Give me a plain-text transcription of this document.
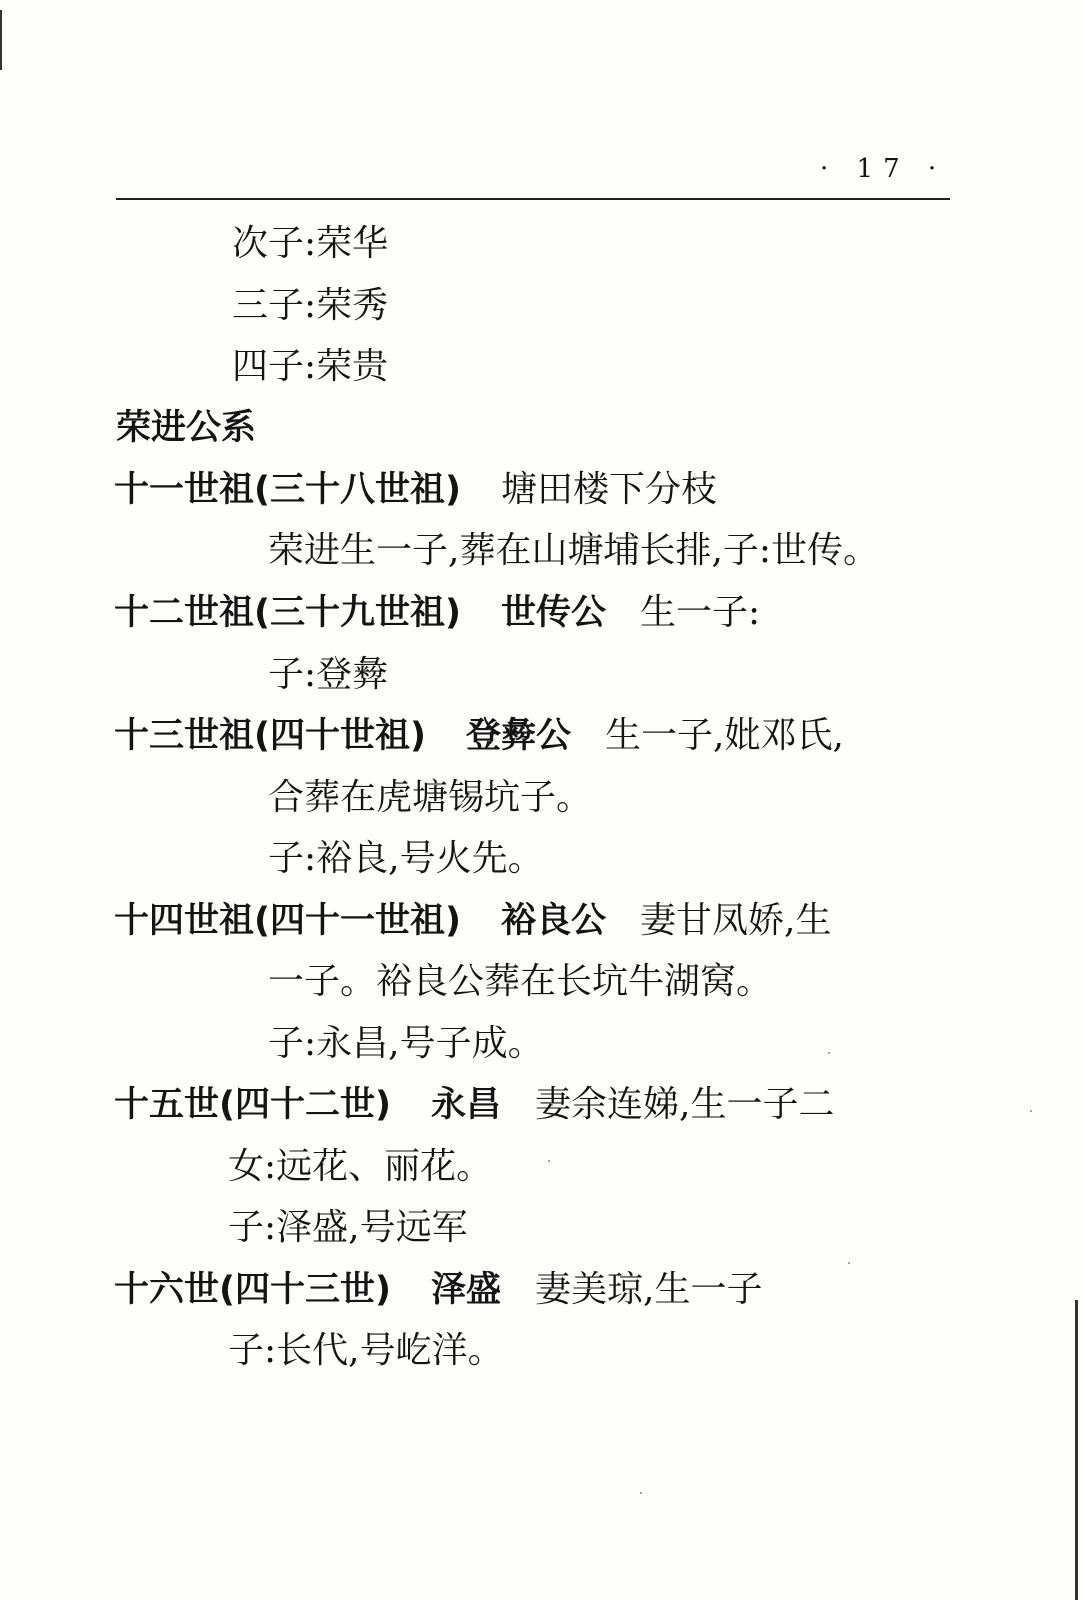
· 17 ·
次子:荣华
三子:荣秀
四子:荣贵
荣进公系
十一世祖(三十八世祖) 塘田楼下分枝
荣进生一子,葬在山塘埔长排,子:世传。
十二世祖(三十九世祖) 世传公 生一子:
子:登彜
十三世祖(四十世祖) 登彜公 生一子,妣邓氏,
合葬在虎塘锡坑子。
子:裕良,号火先。
十四世祖(四十一世祖) 裕良公 妻甘凤娇,生
一子。裕良公葬在长坑牛湖窝。
子:永昌,号子成。
十五世(四十二世) 永昌 妻余连娣,生一子二
女:远花、丽花。
子:泽盛,号远军
十六世(四十三世) 泽盛 妻美琼,生一子
子:长代,号屹洋。
